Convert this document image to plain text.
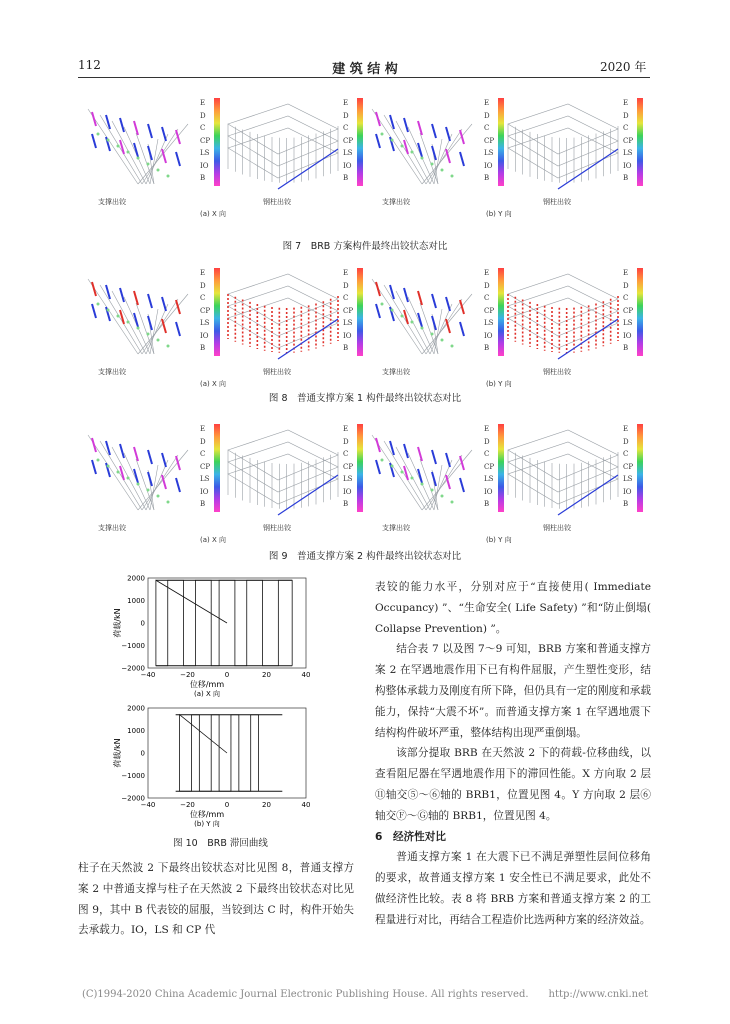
112	建 筑 结 构	2020 年
支撑出铰
E
D
C
CP
LS
IO
B
钢柱出铰
E
D
C
CP
LS
IO
B
支撑出铰
E
D
C
CP
LS
IO
B
钢柱出铰
E
D
C
CP
LS
IO
B
(a) X 向	(b) Y 向
图 7　BRB 方案构件最终出铰状态对比
支撑出铰
E
D
C
CP
LS
IO
B
钢柱出铰
E
D
C
CP
LS
IO
B
支撑出铰
E
D
C
CP
LS
IO
B
钢柱出铰
E
D
C
CP
LS
IO
B
(a) X 向	(b) Y 向
图 8　普通支撑方案 1 构件最终出铰状态对比
支撑出铰
E
D
C
CP
LS
IO
B
钢柱出铰
E
D
C
CP
LS
IO
B
支撑出铰
E
D
C
CP
LS
IO
B
钢柱出铰
E
D
C
CP
LS
IO
B
(a) X 向	(b) Y 向
图 9　普通支撑方案 2 构件最终出铰状态对比
−40	−20	0	20	40
2000
1000
0
−1000
−2000
荷载/kN
位移/mm
(a) X 向
−40	−20	0	20	40
2000
1000
0
−1000
−2000
荷载/kN
位移/mm
(b) Y 向
图 10　BRB 滞回曲线

表铰的能力水平，分别对应于“直接使用( Immediate Occupancy) ”、“生命安全( Life Safety) ”和“防止倒塌( Collapse Prevention) ”。

结合表 7 以及图 7～9 可知，BRB 方案和普通支撑方案 2 在罕遇地震作用下已有构件屈服，产生塑性变形，结构整体承载力及刚度有所下降，但仍具有一定的刚度和承载能力，保持“大震不坏”。而普通支撑方案 1 在罕遇地震下结构构件破坏严重，整体结构出现严重倒塌。

该部分提取 BRB 在天然波 2 下的荷载-位移曲线，以查看阻尼器在罕遇地震作用下的滞回性能。X 方向取 2 层⑪轴交⑤～⑥轴的 BRB1，位置见图 4。Y 方向取 2 层⑥轴交Ⓕ～Ⓖ轴的 BRB1，位置见图 4。

6　经济性对比

普通支撑方案 1 在大震下已不满足弹塑性层间位移角的要求，故普通支撑方案 1 安全性已不满足要求，此处不做经济性比较。表 8 将 BRB 方案和普通支撑方案 2 的工程量进行对比，再结合工程造价比选两种方案的经济效益。

柱子在天然波 2 下最终出铰状态对比见图 8，普通支撑方案 2 中普通支撑与柱子在天然波 2 下最终出铰状态对比见图 9，其中 B 代表铰的屈服，当铰到达 C 时，构件开始失去承载力。IO，LS 和 CP 代
(C)1994-2020 China Academic Journal Electronic Publishing House. All rights reserved.　　http://www.cnki.net
